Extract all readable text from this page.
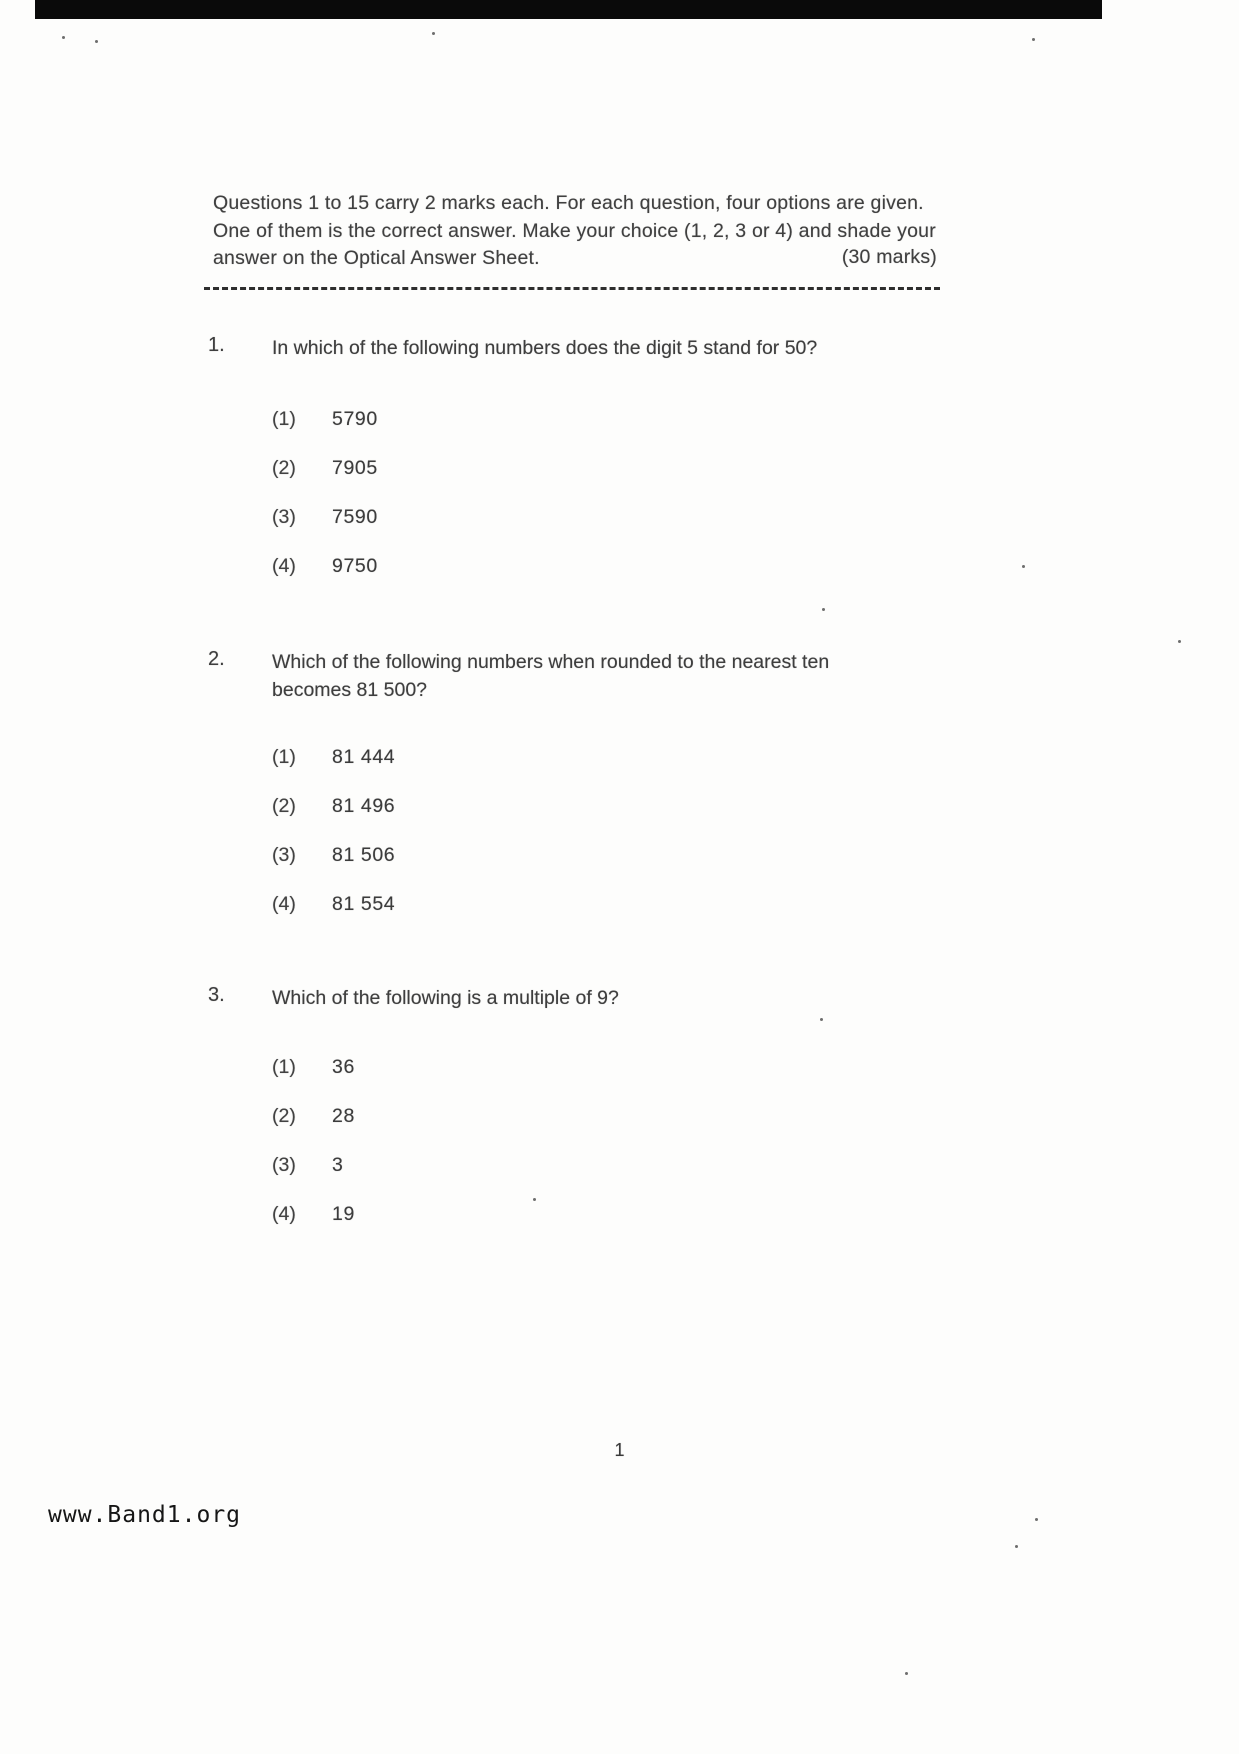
Questions 1 to 15 carry 2 marks each. For each question, four options are given. One of them is the correct answer. Make your choice (1, 2, 3 or 4) and shade your answer on the Optical Answer Sheet.	(30 marks)
1.	In which of the following numbers does the digit 5 stand for 50?
(1)	5790
(2)	7905
(3)	7590
(4)	9750
2.	Which of the following numbers when rounded to the nearest ten becomes 81 500?
(1)	81 444
(2)	81 496
(3)	81 506
(4)	81 554
3.	Which of the following is a multiple of 9?
(1)	36
(2)	28
(3)	3
(4)	19
1
www.Band1.org
